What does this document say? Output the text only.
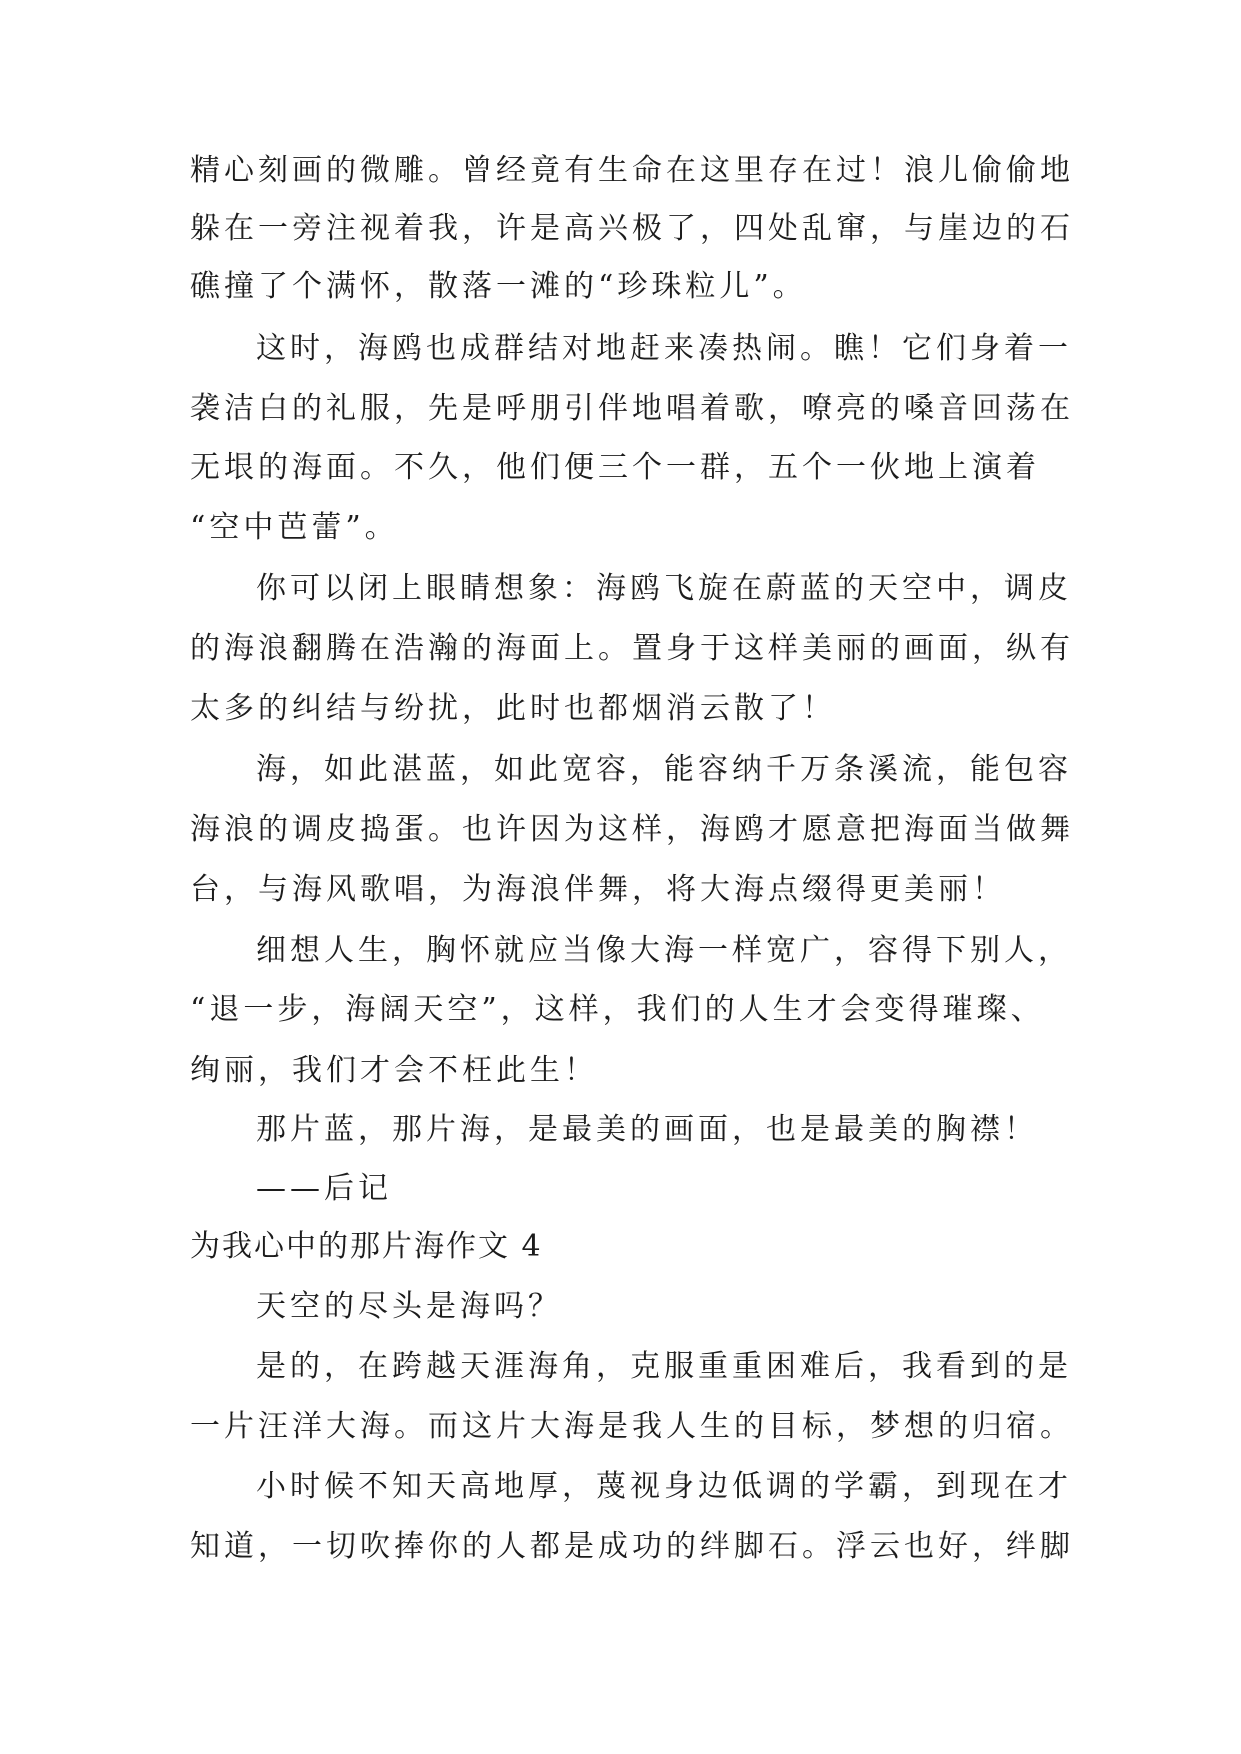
精心刻画的微雕。曾经竟有生命在这里存在过！浪儿偷偷地

躲在一旁注视着我，许是高兴极了，四处乱窜，与崖边的石

礁撞了个满怀，散落一滩的“珍珠粒儿”。

这时，海鸥也成群结对地赶来凑热闹。瞧！它们身着一

袭洁白的礼服，先是呼朋引伴地唱着歌，嘹亮的嗓音回荡在

无垠的海面。不久，他们便三个一群，五个一伙地上演着

“空中芭蕾”。

你可以闭上眼睛想象：海鸥飞旋在蔚蓝的天空中，调皮

的海浪翻腾在浩瀚的海面上。置身于这样美丽的画面，纵有

太多的纠结与纷扰，此时也都烟消云散了！

海，如此湛蓝，如此宽容，能容纳千万条溪流，能包容

海浪的调皮捣蛋。也许因为这样，海鸥才愿意把海面当做舞

台，与海风歌唱，为海浪伴舞，将大海点缀得更美丽！

细想人生，胸怀就应当像大海一样宽广，容得下别人，

“退一步，海阔天空”，这样，我们的人生才会变得璀璨、

绚丽，我们才会不枉此生！

那片蓝，那片海，是最美的画面，也是最美的胸襟！

——后记

为我心中的那片海作文 4

天空的尽头是海吗？

是的，在跨越天涯海角，克服重重困难后，我看到的是

一片汪洋大海。而这片大海是我人生的目标，梦想的归宿。

小时候不知天高地厚，蔑视身边低调的学霸，到现在才

知道，一切吹捧你的人都是成功的绊脚石。浮云也好，绊脚
